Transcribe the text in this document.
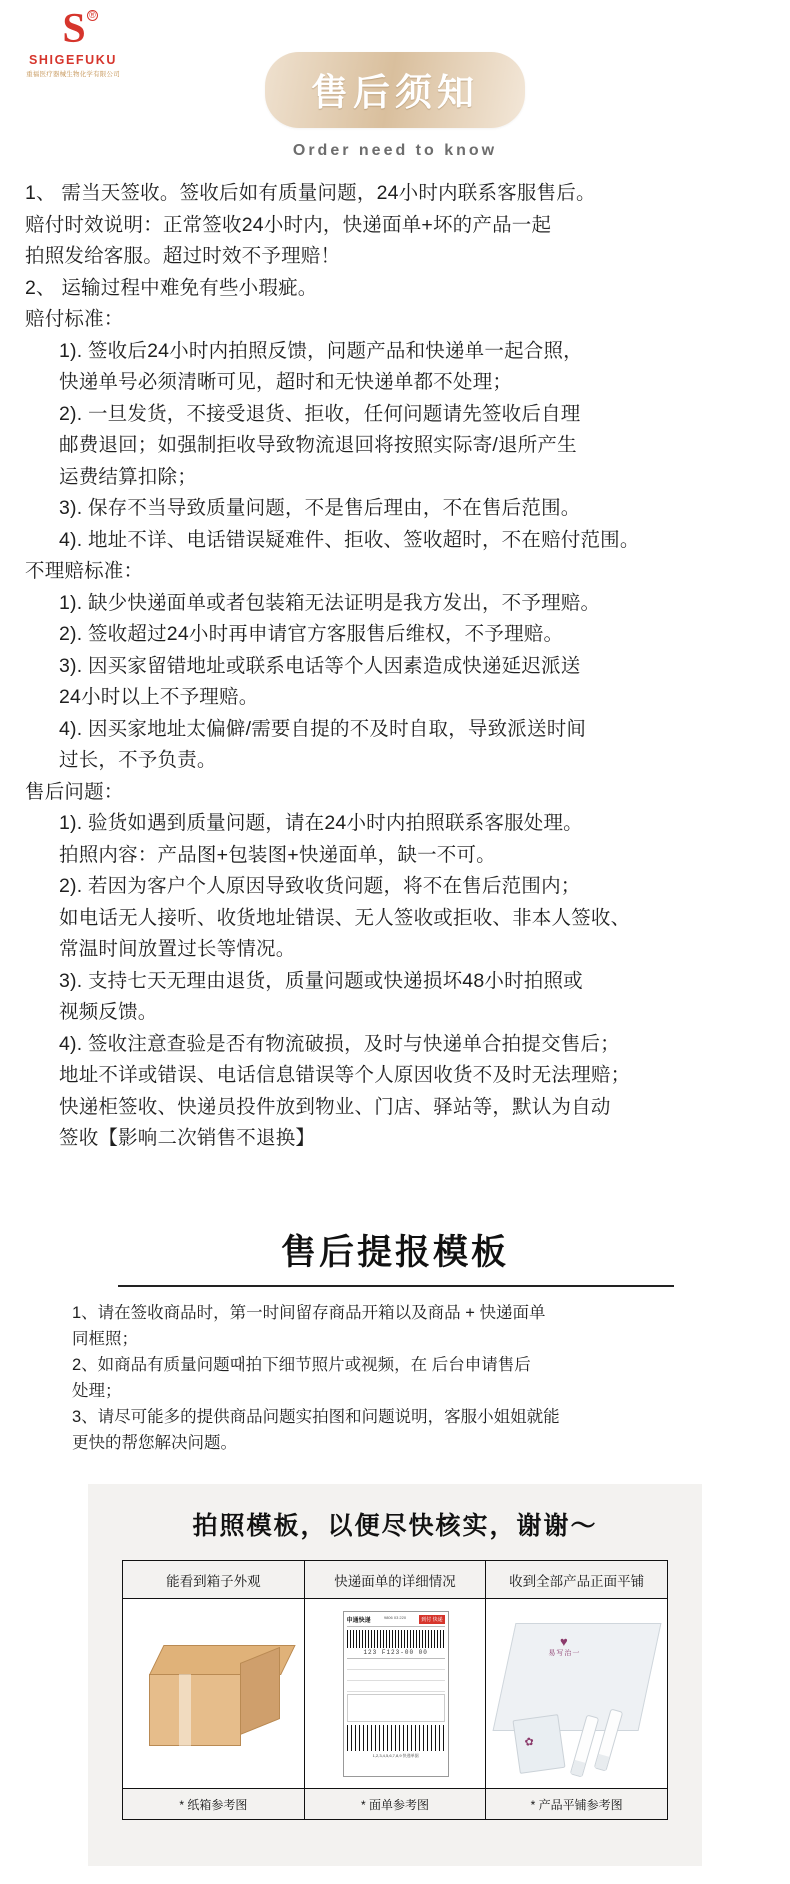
S ®
SHIGEFUKU
重福医疗器械生物化学有限公司	售后须知
Order need to know

1、 需当天签收。签收后如有质量问题，24小时内联系客服售后。

赔付时效说明：正常签收24小时内，快递面单+坏的产品一起

拍照发给客服。超过时效不予理赔！

2、 运输过程中难免有些小瑕疵。

赔付标准：

1). 签收后24小时内拍照反馈，问题产品和快递单一起合照，

快递单号必须清晰可见，超时和无快递单都不处理；

2). 一旦发货，不接受退货、拒收，任何问题请先签收后自理

邮费退回；如强制拒收导致物流退回将按照实际寄/退所产生

运费结算扣除；

3). 保存不当导致质量问题，不是售后理由，不在售后范围。

4). 地址不详、电话错误疑难件、拒收、签收超时，不在赔付范围。

不理赔标准：

1). 缺少快递面单或者包装箱无法证明是我方发出，不予理赔。

2). 签收超过24小时再申请官方客服售后维权，不予理赔。

3). 因买家留错地址或联系电话等个人因素造成快递延迟派送

24小时以上不予理赔。

4). 因买家地址太偏僻/需要自提的不及时自取，导致派送时间

过长，不予负责。

售后问题：

1). 验货如遇到质量问题，请在24小时内拍照联系客服处理。

拍照内容：产品图+包装图+快递面单，缺一不可。

2). 若因为客户个人原因导致收货问题，将不在售后范围内；

如电话无人接听、收货地址错误、无人签收或拒收、非本人签收、

常温时间放置过长等情况。

3). 支持七天无理由退货，质量问题或快递损坏48小时拍照或

视频反馈。

4). 签收注意查验是否有物流破损，及时与快递单合拍提交售后；

地址不详或错误、电话信息错误等个人原因收货不及时无法理赔；

快递柜签收、快递员投件放到物业、门店、驿站等，默认为自动

签收【影响二次销售不退换】

售后提报模板

1、请在签收商品时，第一时间留存商品开箱以及商品 + 快递面单

同框照；

2、如商品有质量问题때拍下细节照片或视频，在 后台申请售后

处理；

3、请尽可能多的提供商品问题实拍图和问题说明，客服小姐姐就能

更快的帮您解决问题。

拍照模板，以便尽快核实，谢谢～
能看到箱子外观
* 纸箱参考图
快递面单的详细情况
申通快递
9806 03 220	到付 快递
123 F123-00 00
1,2,3,4,5,6,7,8,9 快递单据
* 面单参考图
收到全部产品正面平铺
♥
易写治一
✿
* 产品平铺参考图
